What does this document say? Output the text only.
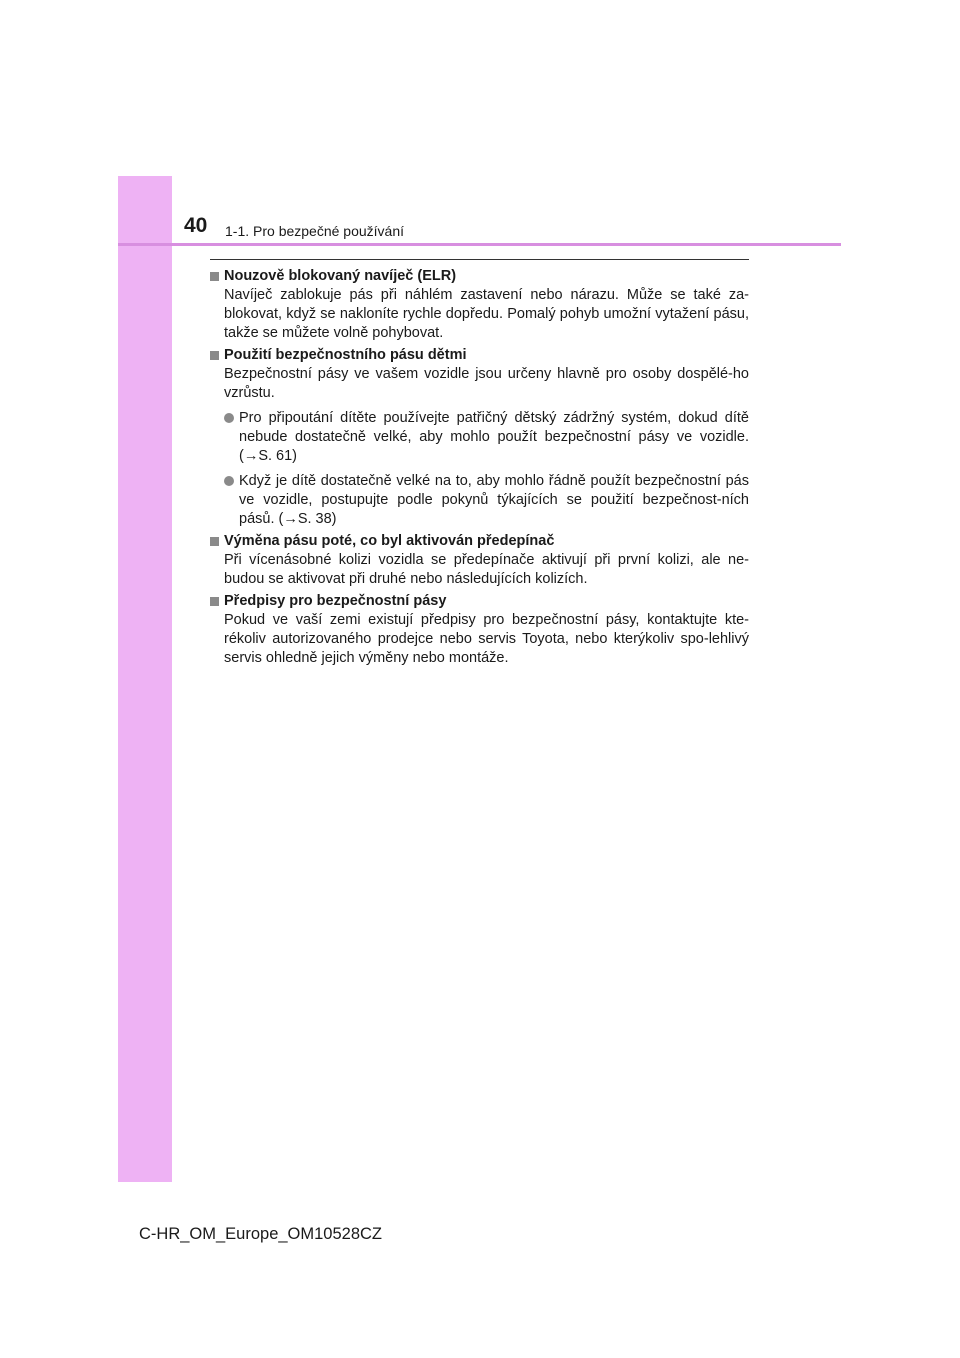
40 1-1. Pro bezpečné používání
Nouzově blokovaný navíječ (ELR)
Navíječ zablokuje pás při náhlém zastavení nebo nárazu. Může se také za-blokovat, když se nakloníte rychle dopředu. Pomalý pohyb umožní vytažení pásu, takže se můžete volně pohybovat.
Použití bezpečnostního pásu dětmi
Bezpečnostní pásy ve vašem vozidle jsou určeny hlavně pro osoby dospělé-ho vzrůstu.
Pro připoutání dítěte používejte patřičný dětský zádržný systém, dokud dítě nebude dostatečně velké, aby mohlo použít bezpečnostní pásy ve vozidle. (→S. 61)
Když je dítě dostatečně velké na to, aby mohlo řádně použít bezpečnostní pás ve vozidle, postupujte podle pokynů týkajících se použití bezpečnost-ních pásů. (→S. 38)
Výměna pásu poté, co byl aktivován předepínač
Při vícenásobné kolizi vozidla se předepínače aktivují při první kolizi, ale ne-budou se aktivovat při druhé nebo následujících kolizích.
Předpisy pro bezpečnostní pásy
Pokud ve vaší zemi existují předpisy pro bezpečnostní pásy, kontaktujte kte-rékoliv autorizovaného prodejce nebo servis Toyota, nebo kterýkoliv spo-lehlivý servis ohledně jejich výměny nebo montáže.
C-HR_OM_Europe_OM10528CZ
